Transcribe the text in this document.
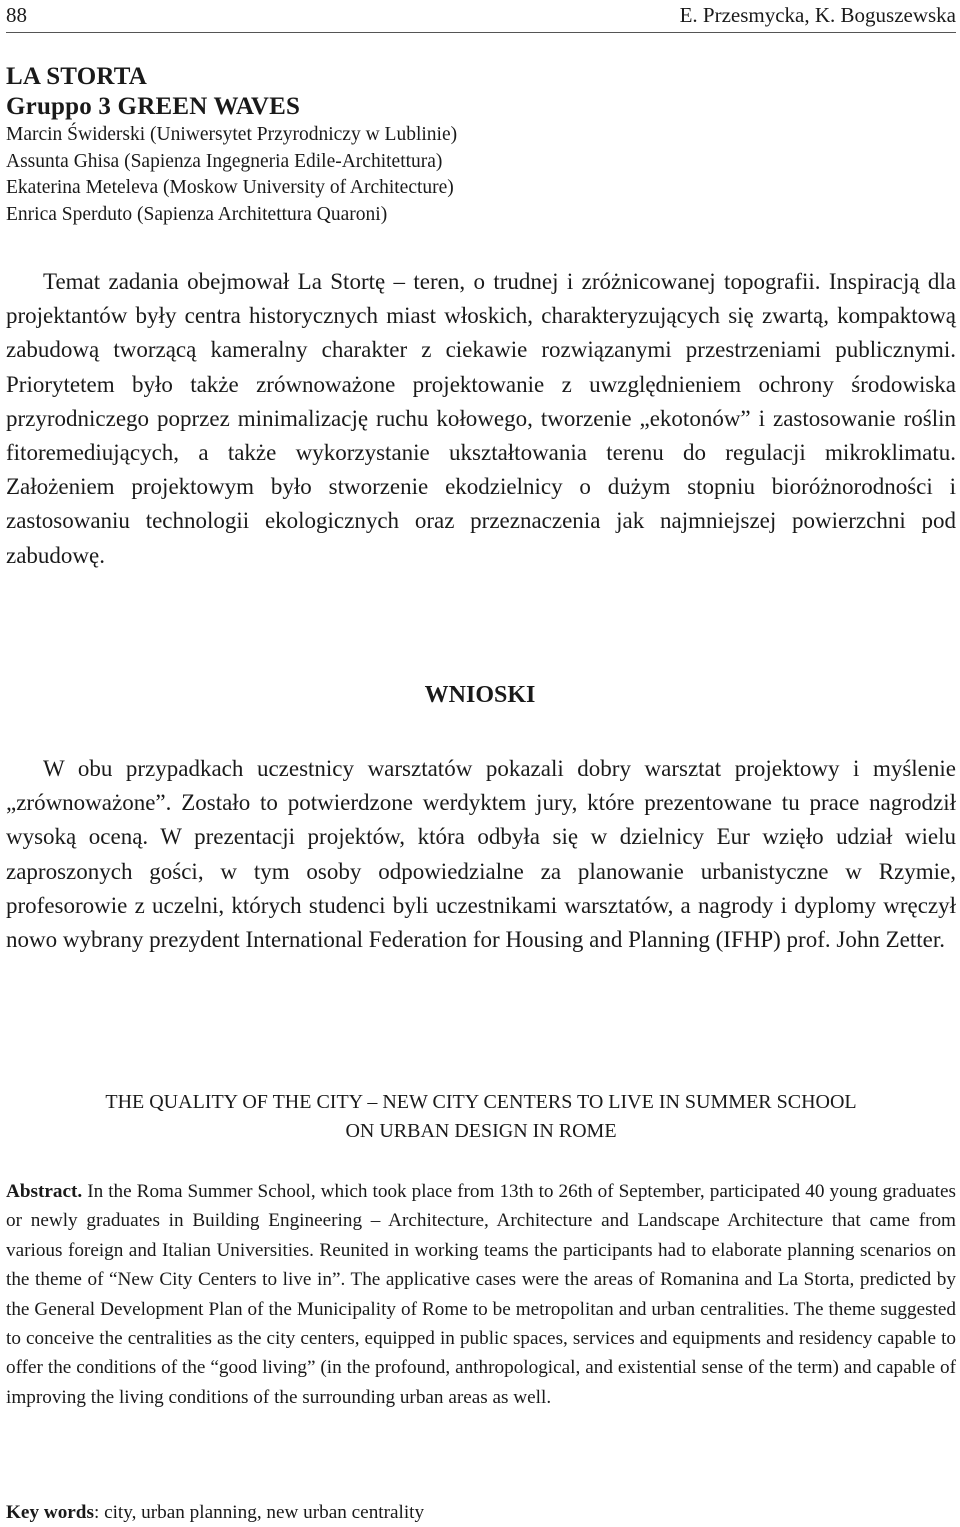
88	E. Przesmycka, K. Boguszewska
LA STORTA
Gruppo 3 GREEN WAVES
Marcin Świderski (Uniwersytet Przyrodniczy w Lublinie)
Assunta Ghisa (Sapienza Ingegneria Edile-Architettura)
Ekaterina Meteleva (Moskow University of Architecture)
Enrica Sperduto (Sapienza Architettura Quaroni)

Temat zadania obejmował La Stortę – teren, o trudnej i zróżnicowanej topografii. Inspiracją dla projektantów były centra historycznych miast włoskich, charakteryzujących się zwartą, kompaktową zabudową tworzącą kameralny charakter z ciekawie rozwiązanymi przestrzeniami publicznymi. Priorytetem było także zrównoważone projektowanie z uwzględnieniem ochrony środowiska przyrodniczego poprzez minimalizację ruchu kołowego, tworzenie „ekotonów” i zastosowanie roślin fitoremediujących, a także wykorzystanie ukształtowania terenu do regulacji mikroklimatu. Założeniem projektowym było stworzenie ekodzielnicy o dużym stopniu bioróżnorodności i zastosowaniu technologii ekologicznych oraz przeznaczenia jak najmniejszej powierzchni pod zabudowę.

WNIOSKI

W obu przypadkach uczestnicy warsztatów pokazali dobry warsztat projektowy i myślenie „zrównoważone”. Zostało to potwierdzone werdyktem jury, które prezentowane tu prace nagrodził wysoką oceną. W prezentacji projektów, która odbyła się w dzielnicy Eur wzięło udział wielu zaproszonych gości, w tym osoby odpowiedzialne za planowanie urbanistyczne w Rzymie, profesorowie z uczelni, których studenci byli uczestnikami warsztatów, a nagrody i dyplomy wręczył nowo wybrany prezydent International Federation for Housing and Planning (IFHP) prof. John Zetter.

THE QUALITY OF THE CITY – NEW CITY CENTERS TO LIVE IN SUMMER SCHOOL
ON URBAN DESIGN IN ROME

Abstract. In the Roma Summer School, which took place from 13th to 26th of September, participated 40 young graduates or newly graduates in Building Engineering – Architecture, Architecture and Landscape Architecture that came from various foreign and Italian Universities. Reunited in working teams the participants had to elaborate planning scenarios on the theme of “New City Centers to live in”. The applicative cases were the areas of Romanina and La Storta, predicted by the General Development Plan of the Municipality of Rome to be metropolitan and urban centralities. The theme suggested to conceive the centralities as the city centers, equipped in public spaces, services and equipments and residency capable to offer the conditions of the “good living” (in the profound, anthropological, and existential sense of the term) and capable of improving the living conditions of the surrounding urban areas as well.

Key words: city, urban planning, new urban centrality
